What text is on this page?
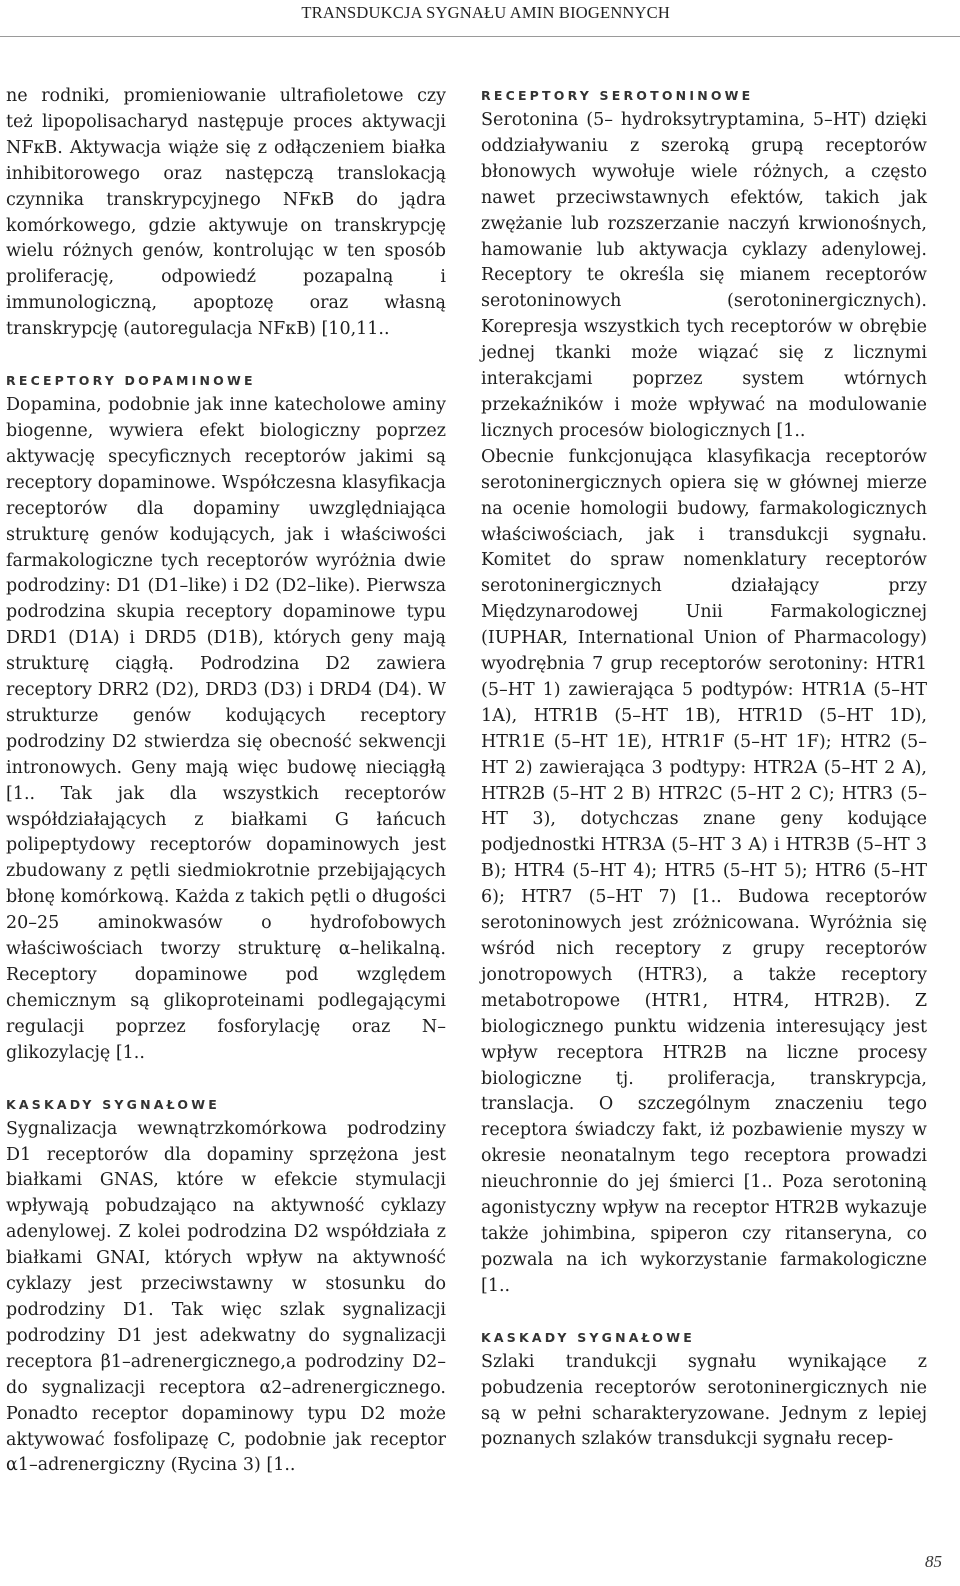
TRANSDUKCJA SYGNAŁU AMIN BIOGENNYCH

ne rodniki, promieniowanie ultrafioletowe czy też lipopolisacharyd następuje proces aktywacji NFκB. Aktywacja wiąże się z odłączeniem białka inhibitorowego oraz następczą translokacją czynnika transkrypcyjnego NFκB do jądra komórkowego, gdzie aktywuje on transkrypcję wielu różnych genów, kontrolując w ten sposób proliferację, odpowiedź pozapalną i immunologiczną, apoptozę oraz własną transkrypcję (autoregulacja NFκB) [10,11..

RECEPTORY DOPAMINOWE

Dopamina, podobnie jak inne katecholowe aminy biogenne, wywiera efekt biologiczny poprzez aktywację specyficznych receptorów jakimi są receptory dopaminowe. Współczesna klasyfikacja receptorów dla dopaminy uwzględniająca strukturę genów kodujących, jak i właściwości farmakologiczne tych receptorów wyróżnia dwie podrodziny: D1 (D1–like) i D2 (D2–like). Pierwsza podrodzina skupia receptory dopaminowe typu DRD1 (D1A) i DRD5 (D1B), których geny mają strukturę ciągłą. Podrodzina D2 zawiera receptory DRR2 (D2), DRD3 (D3) i DRD4 (D4). W strukturze genów kodujących receptory podrodziny D2 stwierdza się obecność sekwencji intronowych. Geny mają więc budowę nieciągłą [1.. Tak jak dla wszystkich receptorów współdziałających z białkami G łańcuch polipeptydowy receptorów dopaminowych jest zbudowany z pętli siedmiokrotnie przebijających błonę komórkową. Każda z takich pętli o długości 20–25 aminokwasów o hydrofobowych właściwościach tworzy strukturę α–helikalną. Receptory dopaminowe pod względem chemicznym są glikoproteinami podlegającymi regulacji poprzez fosforylację oraz N–glikozylację [1..

KASKADY SYGNAŁOWE

Sygnalizacja wewnątrzkomórkowa podrodziny D1 receptorów dla dopaminy sprzężona jest białkami GNAS, które w efekcie stymulacji wpływają pobudzająco na aktywność cyklazy adenylowej. Z kolei podrodzina D2 współdziała z białkami GNAI, których wpływ na aktywność cyklazy jest przeciwstawny w stosunku do podrodziny D1. Tak więc szlak sygnalizacji podrodziny D1 jest adekwatny do sygnalizacji receptora β1–adrenergicznego,a podrodziny D2– do sygnalizacji receptora α2–adrenergicznego. Ponadto receptor dopaminowy typu D2 może aktywować fosfolipazę C, podobnie jak receptor α1–adrenergiczny (Rycina 3) [1..

RECEPTORY SEROTONINOWE

Serotonina (5– hydroksytryptamina, 5–HT) dzięki oddziaływaniu z szeroką grupą receptorów błonowych wywołuje wiele różnych, a często nawet przeciwstawnych efektów, takich jak zwężanie lub rozszerzanie naczyń krwionośnych, hamowanie lub aktywacja cyklazy adenylowej. Receptory te określa się mianem receptorów serotoninowych (serotoninergicznych). Korepresja wszystkich tych receptorów w obrębie jednej tkanki może wiązać się z licznymi interakcjami poprzez system wtórnych przekaźników i może wpływać na modulowanie licznych procesów biologicznych [1..

Obecnie funkcjonująca klasyfikacja receptorów serotoninergicznych opiera się w głównej mierze na ocenie homologii budowy, farmakologicznych właściwościach, jak i transdukcji sygnału. Komitet do spraw nomenklatury receptorów serotoninergicznych działający przy Międzynarodowej Unii Farmakologicznej (IUPHAR, International Union of Pharmacology) wyodrębnia 7 grup receptorów serotoniny: HTR1 (5–HT 1) zawierająca 5 podtypów: HTR1A (5–HT 1A), HTR1B (5–HT 1B), HTR1D (5–HT 1D), HTR1E (5–HT 1E), HTR1F (5–HT 1F); HTR2 (5–HT 2) zawierająca 3 podtypy: HTR2A (5–HT 2 A), HTR2B (5–HT 2 B) HTR2C (5–HT 2 C); HTR3 (5–HT 3), dotychczas znane geny kodujące podjednostki HTR3A (5–HT 3 A) i HTR3B (5–HT 3 B); HTR4 (5–HT 4); HTR5 (5–HT 5); HTR6 (5–HT 6); HTR7 (5–HT 7) [1.. Budowa receptorów serotoninowych jest zróżnicowana. Wyróżnia się wśród nich receptory z grupy receptorów jonotropowych (HTR3), a także receptory metabotropowe (HTR1, HTR4, HTR2B). Z biologicznego punktu widzenia interesujący jest wpływ receptora HTR2B na liczne procesy biologiczne tj. proliferacja, transkrypcja, translacja. O szczególnym znaczeniu tego receptora świadczy fakt, iż pozbawienie myszy w okresie neonatalnym tego receptora prowadzi nieuchronnie do jej śmierci [1.. Poza serotoniną agonistyczny wpływ na receptor HTR2B wykazuje także johimbina, spiperon czy ritanseryna, co pozwala na ich wykorzystanie farmakologiczne [1..

KASKADY SYGNAŁOWE

Szlaki trandukcji sygnału wynikające z pobudzenia receptorów serotoninergicznych nie są w pełni scharakteryzowane. Jednym z lepiej poznanych szlaków transdukcji sygnału recep-

85
